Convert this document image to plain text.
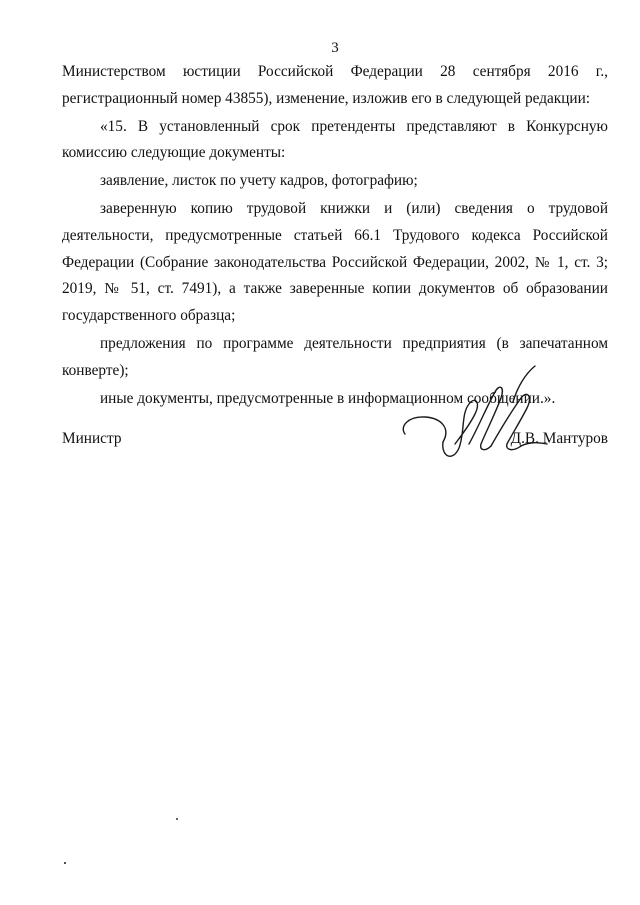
3

Министерством юстиции Российской Федерации 28 сентября 2016 г., регистрационный номер 43855), изменение, изложив его в следующей редакции:

«15. В установленный срок претенденты представляют в Конкурсную комиссию следующие документы:

заявление, листок по учету кадров, фотографию;

заверенную копию трудовой книжки и (или) сведения о трудовой деятельности, предусмотренные статьей 66.1 Трудового кодекса Российской Федерации (Собрание законодательства Российской Федерации, 2002, № 1, ст. 3; 2019, № 51, ст. 7491), а также заверенные копии документов об образовании государственного образца;

предложения по программе деятельности предприятия (в запечатанном конверте);

иные документы, предусмотренные в информационном сообщении.».

Министр	Д.В. Мантуров
